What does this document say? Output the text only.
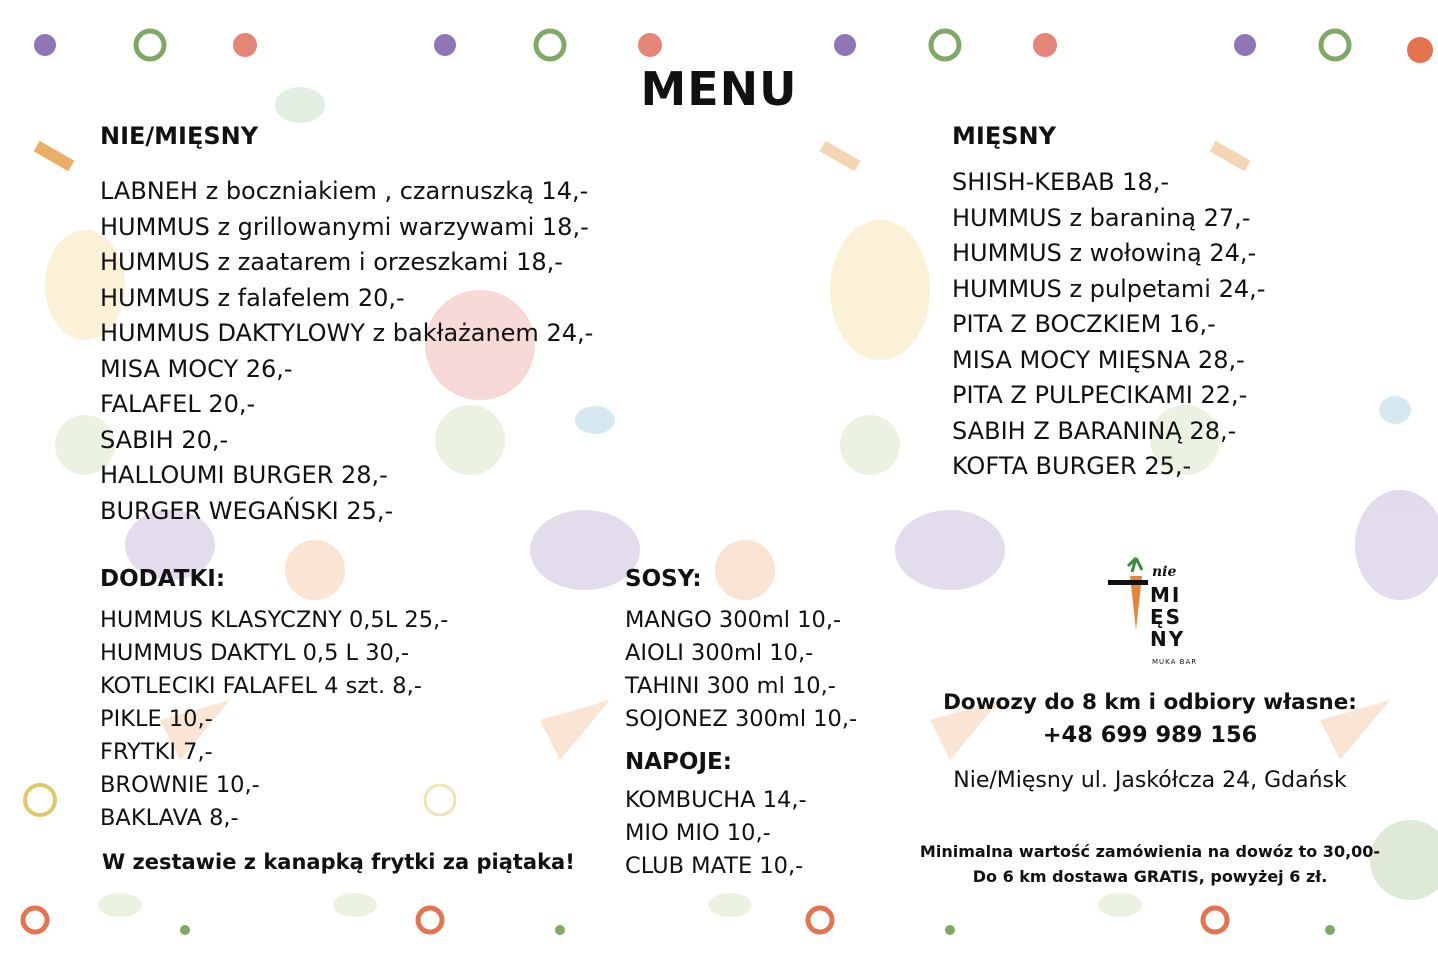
MENU
NIE/MIĘSNY
LABNEH z boczniakiem , czarnuszką 14,-
HUMMUS z grillowanymi warzywami 18,-
HUMMUS z zaatarem i orzeszkami 18,-
HUMMUS z falafelem 20,-
HUMMUS DAKTYLOWY z bakłażanem 24,-
MISA MOCY 26,-
FALAFEL 20,-
SABIH 20,-
HALLOUMI BURGER 28,-
BURGER WEGAŃSKI 25,-
MIĘSNY
SHISH-KEBAB 18,-
HUMMUS z baraniną 27,-
HUMMUS z wołowiną 24,-
HUMMUS z pulpetami 24,-
PITA Z BOCZKIEM 16,-
MISA MOCY MIĘSNA 28,-
PITA Z PULPECIKAMI 22,-
SABIH Z BARANINĄ 28,-
KOFTA BURGER 25,-
DODATKI:
HUMMUS KLASYCZNY 0,5L 25,-
HUMMUS DAKTYL 0,5 L 30,-
KOTLECIKI FALAFEL 4 szt. 8,-
PIKLE 10,-
FRYTKI 7,-
BROWNIE 10,-
BAKLAVA 8,-

W zestawie z kanapką frytki za piątaka!

SOSY:
MANGO 300ml 10,-
AIOLI 300ml 10,-
TAHINI 300 ml 10,-
SOJONEZ 300ml 10,-
NAPOJE:
KOMBUCHA 14,-
MIO MIO 10,-
CLUB MATE 10,-
nie
MI
ĘS
NY
MUKA BAR
Dowozy do 8 km i odbiory własne:
+48 699 989 156
Nie/Mięsny ul. Jaskółcza 24, Gdańsk
Minimalna wartość zamówienia na dowóz to 30,00-
Do 6 km dostawa GRATIS, powyżej 6 zł.
